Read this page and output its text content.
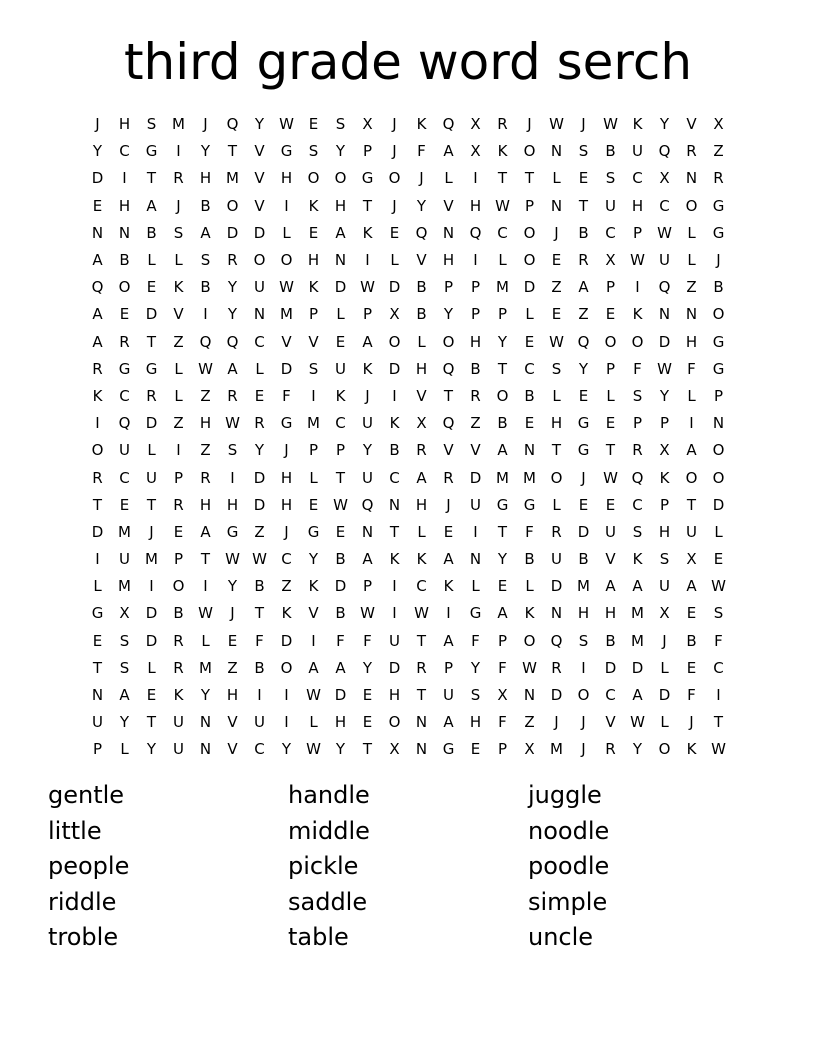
third grade word serch
J	H	S	M	J	Q	Y	W E	S	X	J	K	Q	X	R	J	W	J	W K	Y	V	X
Y	C	G	I	Y	T	V	G	S	Y	P	J	F	A	X	K	O	N	S	B	U	Q	R	Z
D	I	T	R	H M	V	H	O	O	G	O	J	L	I	T	T	L	E	S	C	X	N	R
E	H	A	J	B	O	V	I	K	H	T	J	Y	V	H W	P	N	T	U	H	C	O	G
N	N	B	S	A	D	D	L	E	A	K	E	Q	N	Q	C	O	J	B	C	P	W	L	G
A	B	L	L	S	R	O	O	H	N	I	L	V	H	I	L	O	E	R	X W U	L	J
Q	O	E	K	B	Y	U W K	D W D	B	P	P	M D	Z	A	P	I	Q	Z	B
A	E	D	V	I	Y	N M	P	L	P	X	B	Y	P	P	L	E	Z	E	K	N	N	O
A	R	T	Z	Q	Q	C	V	V	E	A	O	L	O	H	Y	E W Q	O	O	D	H	G
R	G	G	L	W A	L	D	S	U	K	D	H	Q	B	T	C	S	Y	P	F	W	F	G
K	C	R	L	Z	R	E	F	I	K	J	I	V	T	R	O	B	L	E	L	S	Y	L	P
I	Q	D	Z	H W R	G M	C	U	K	X	Q	Z	B	E	H	G	E	P	P	I	N
O	U	L	I	Z	S	Y	J	P	P	Y	B	R	V	V	A	N	T	G	T	R	X	A	O
R	C	U	P	R	I	D	H	L	T	U	C	A	R	D M M O	J	W Q	K	O	O
T	E	T	R	H	H	D	H	E W Q	N	H	J	U	G	G	L	E	E	C	P	T	D
D M	J	E	A	G	Z	J	G	E	N	T	L	E	I	T	F	R	D	U	S	H	U	L
I	U	M	P	T	W W C	Y	B	A	K	K	A	N	Y	B	U	B	V	K	S	X	E
L	M	I	O	I	Y	B	Z	K	D	P	I	C	K	L	E	L	D M	A	A	U	A W
G	X	D	B W	J	T	K	V	B W	I	W	I	G	A	K	N	H	H M	X	E	S
E	S	D	R	L	E	F	D	I	F	F	U	T	A	F	P	O	Q	S	B	M	J	B	F
T	S	L	R	M	Z	B	O	A	A	Y	D	R	P	Y	F	W R	I	D	D	L	E	C
N	A	E	K	Y	H	I	I	W D	E	H	T	U	S	X	N	D	O	C	A	D	F	I
U	Y	T	U	N	V	U	I	L	H	E	O	N	A	H	F	Z	J	J	V W	L	J	T
P	L	Y	U	N	V	C	Y	W Y	T	X	N	G	E	P	X	M	J	R	Y	O	K W
gentle	handle	juggle
little	middle	noodle
people	pickle	poodle
riddle	saddle	simple
troble	table	uncle
